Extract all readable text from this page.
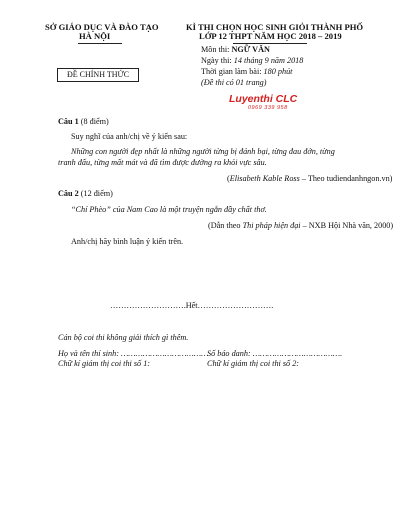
SỞ GIÁO DỤC VÀ ĐÀO TẠO
HÀ NỘI
KÌ THI CHỌN HỌC SINH GIỎI THÀNH PHỐ
LỚP 12 THPT NĂM HỌC 2018 – 2019
ĐỀ CHÍNH THỨC
Môn thi: NGỮ VĂN
Ngày thi: 14 tháng 9 năm 2018
Thời gian làm bài: 180 phút
(Đề thi có 01 trang)
Luyenthi CLC
0969 339 958
Câu 1 (8 điểm)
Suy nghĩ của anh/chị về ý kiến sau:
Những con người đẹp nhất là những người từng bị đánh bại, từng đau đớn, từng
tranh đấu, từng mất mát và đã tìm được đường ra khỏi vực sâu.
(Elisabeth Kable Ross – Theo tudiendanhngon.vn)
Câu 2 (12 điểm)
“Chí Phèo” của Nam Cao là một truyện ngắn đầy chất thơ.
(Dẫn theo Thi pháp hiện đại – NXB Hội Nhà văn, 2000)
Anh/chị hãy bình luận ý kiến trên.
……………………….Hết……………………….
Cán bộ coi thi không giải thích gì thêm.
Họ và tên thí sinh: ………………………………
Số báo danh: ……………………………….
Chữ kí giám thị coi thi số 1:	Chữ kí giám thị coi thi số 2:
